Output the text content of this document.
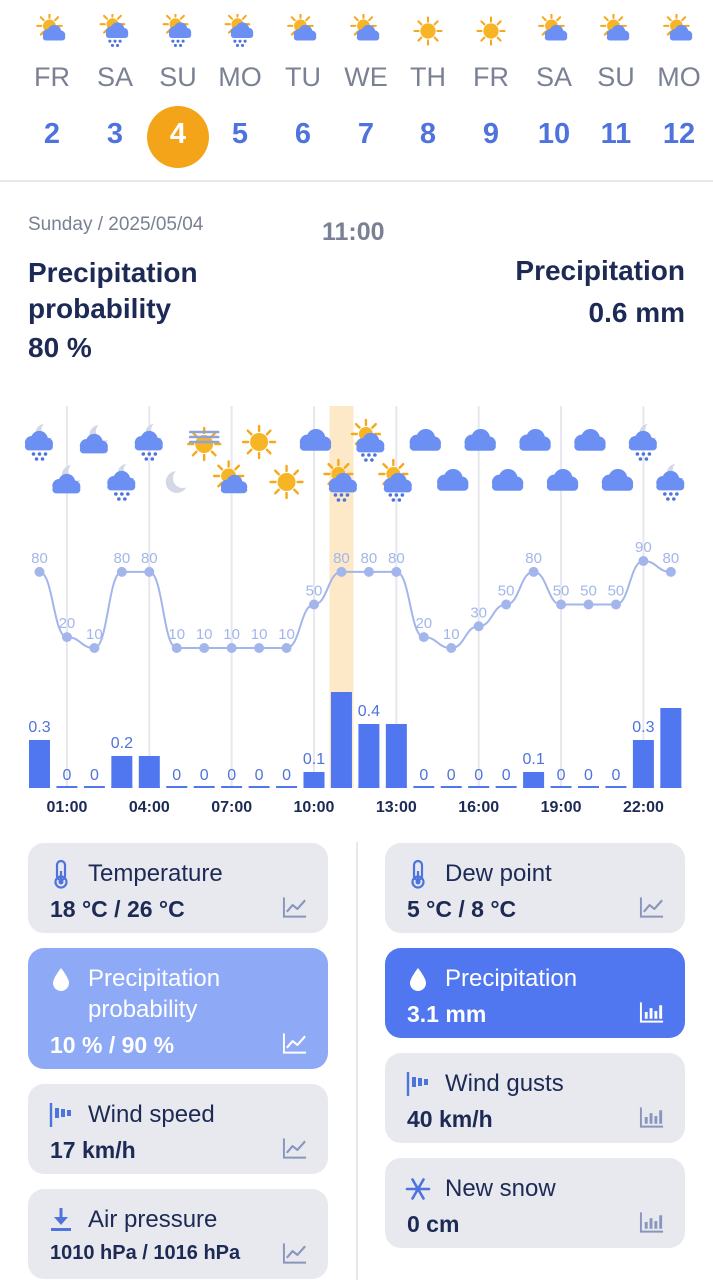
FR
2
SA
3
SU
4
MO
5
TU
6
WE
7
TH
8
FR
9
SA
10
SU
11
MO
12
Sunday / 2025/05/04	11:00
Precipitation probability
80 %
Precipitation
0.6 mm
80
20
10
80 80
10 10 10 10 10
50
80 80 80
20
10
30
50
80
50 50 50
90
80
0.3
0 0
0.2
0 0 0 0 0
0.1
0.4
0 0 0 0
0.1
0 0 0
0.3
01:00	04:00	07:00	10:00	13:00	16:00	19:00	22:00
Temperature
18 °C / 26 °C
Dew point
5 °C / 8 °C
Precipitation probability
10 % / 90 %
Precipitation
3.1 mm
Wind speed
17 km/h
Wind gusts
40 km/h
Air pressure
1010 hPa / 1016 hPa
New snow
0 cm
